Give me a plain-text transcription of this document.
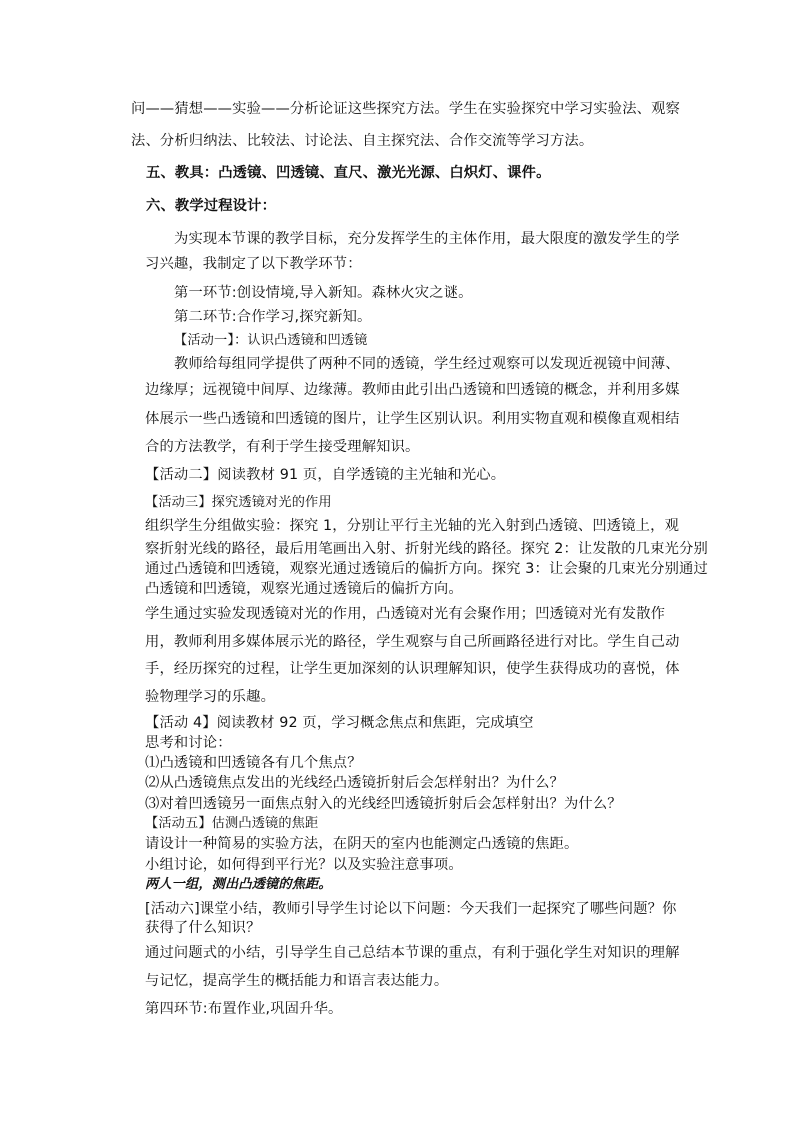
问——猜想——实验——分析论证这些探究方法。学生在实验探究中学习实验法、观察
法、分析归纳法、比较法、讨论法、自主探究法、合作交流等学习方法。
五、教具：凸透镜、凹透镜、直尺、激光光源、白炽灯、课件。
六、教学过程设计：
为实现本节课的教学目标，充分发挥学生的主体作用，最大限度的激发学生的学
习兴趣，我制定了以下教学环节：
第一环节:创设情境,导入新知。森林火灾之谜。
第二环节:合作学习,探究新知。
【活动一】：认识凸透镜和凹透镜
教师给每组同学提供了两种不同的透镜，学生经过观察可以发现近视镜中间薄、
边缘厚；远视镜中间厚、边缘薄。教师由此引出凸透镜和凹透镜的概念，并利用多媒
体展示一些凸透镜和凹透镜的图片，让学生区别认识。利用实物直观和模像直观相结
合的方法教学，有利于学生接受理解知识。
【活动二】阅读教材 91 页，自学透镜的主光轴和光心。
【活动三】探究透镜对光的作用
组织学生分组做实验：探究 1，分别让平行主光轴的光入射到凸透镜、凹透镜上，观
察折射光线的路径，最后用笔画出入射、折射光线的路径。探究 2：让发散的几束光分别
通过凸透镜和凹透镜，观察光通过透镜后的偏折方向。探究 3：让会聚的几束光分别通过
凸透镜和凹透镜，观察光通过透镜后的偏折方向。
学生通过实验发现透镜对光的作用，凸透镜对光有会聚作用；凹透镜对光有发散作
用，教师利用多媒体展示光的路径，学生观察与自己所画路径进行对比。学生自己动
手，经历探究的过程，让学生更加深刻的认识理解知识，使学生获得成功的喜悦，体
验物理学习的乐趣。
【活动 4】阅读教材 92 页，学习概念焦点和焦距，完成填空
思考和讨论：
⑴凸透镜和凹透镜各有几个焦点？
⑵从凸透镜焦点发出的光线经凸透镜折射后会怎样射出？为什么？
⑶对着凹透镜另一面焦点射入的光线经凹透镜折射后会怎样射出？为什么？
【活动五】估测凸透镜的焦距
请设计一种简易的实验方法，在阴天的室内也能测定凸透镜的焦距。
小组讨论，如何得到平行光？以及实验注意事项。
两人一组，测出凸透镜的焦距。
[活动六]课堂小结，教师引导学生讨论以下问题：今天我们一起探究了哪些问题？你
获得了什么知识？
通过问题式的小结，引导学生自己总结本节课的重点，有利于强化学生对知识的理解
与记忆，提高学生的概括能力和语言表达能力。
第四环节:布置作业,巩固升华。
